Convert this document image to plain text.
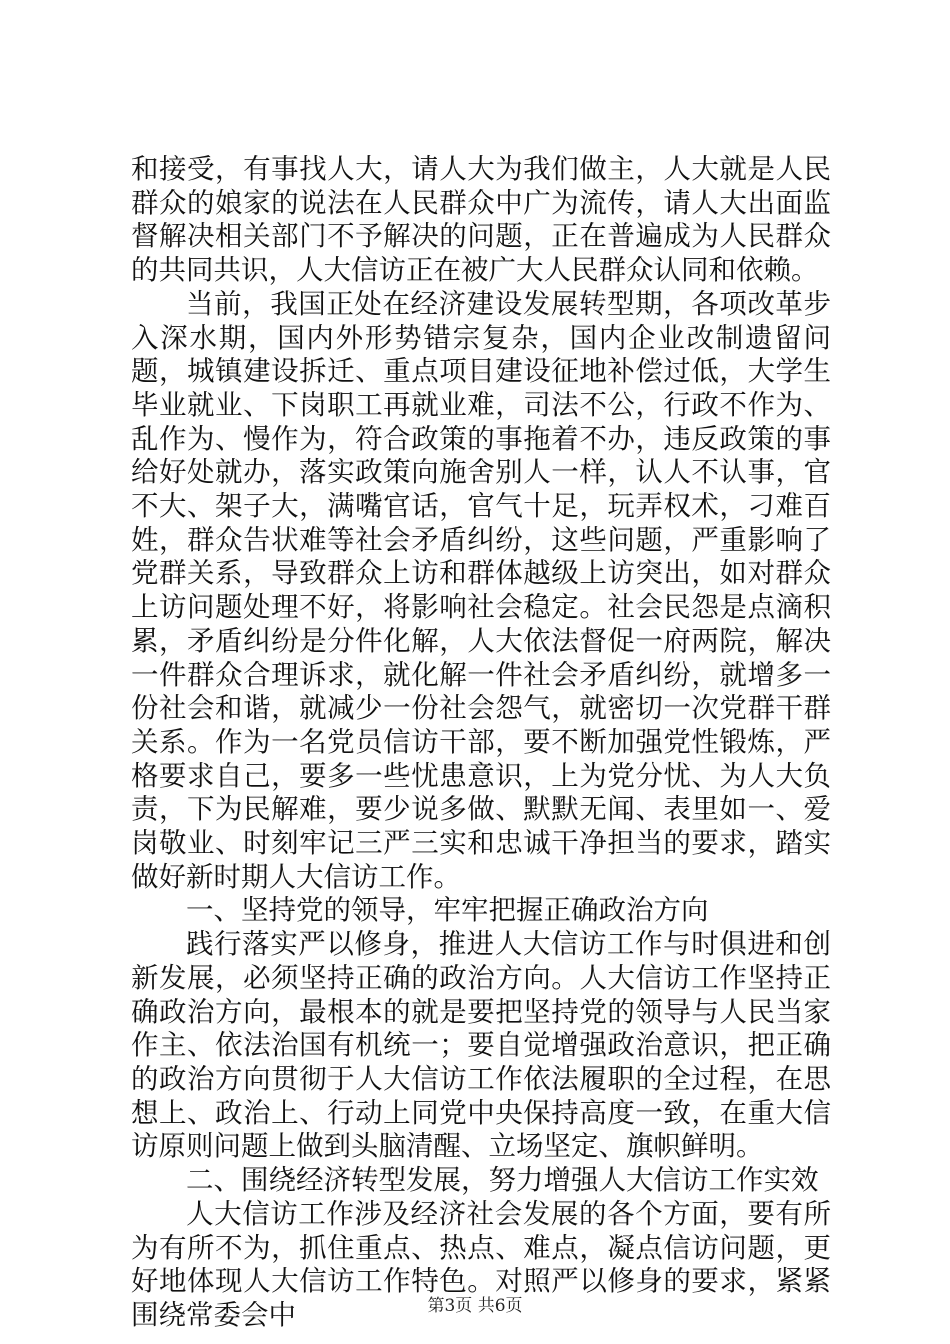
和接受，有事找人大，请人大为我们做主，人大就是人民群众的娘家的说法在人民群众中广为流传，请人大出面监督解决相关部门不予解决的问题，正在普遍成为人民群众的共同共识，人大信访正在被广大人民群众认同和依赖。

当前，我国正处在经济建设发展转型期，各项改革步入深水期，国内外形势错宗复杂，国内企业改制遗留问题，城镇建设拆迁、重点项目建设征地补偿过低，大学生毕业就业、下岗职工再就业难，司法不公，行政不作为、乱作为、慢作为，符合政策的事拖着不办，违反政策的事给好处就办，落实政策向施舍别人一样，认人不认事，官不大、架子大，满嘴官话，官气十足，玩弄权术，刁难百姓，群众告状难等社会矛盾纠纷，这些问题，严重影响了党群关系，导致群众上访和群体越级上访突出，如对群众上访问题处理不好，将影响社会稳定。社会民怨是点滴积累，矛盾纠纷是分件化解，人大依法督促一府两院，解决一件群众合理诉求，就化解一件社会矛盾纠纷，就增多一份社会和谐，就减少一份社会怨气，就密切一次党群干群关系。作为一名党员信访干部，要不断加强党性锻炼，严格要求自己，要多一些忧患意识，上为党分忧、为人大负责，下为民解难，要少说多做、默默无闻、表里如一、爱岗敬业、时刻牢记三严三实和忠诚干净担当的要求，踏实做好新时期人大信访工作。

一、坚持党的领导，牢牢把握正确政治方向

践行落实严以修身，推进人大信访工作与时俱进和创新发展，必须坚持正确的政治方向。人大信访工作坚持正确政治方向，最根本的就是要把坚持党的领导与人民当家作主、依法治国有机统一；要自觉增强政治意识，把正确的政治方向贯彻于人大信访工作依法履职的全过程，在思想上、政治上、行动上同党中央保持高度一致，在重大信访原则问题上做到头脑清醒、立场坚定、旗帜鲜明。

二、围绕经济转型发展，努力增强人大信访工作实效

人大信访工作涉及经济社会发展的各个方面，要有所为有所不为，抓住重点、热点、难点，凝点信访问题，更好地体现人大信访工作特色。对照严以修身的要求，紧紧围绕常委会中	第3页 共6页
